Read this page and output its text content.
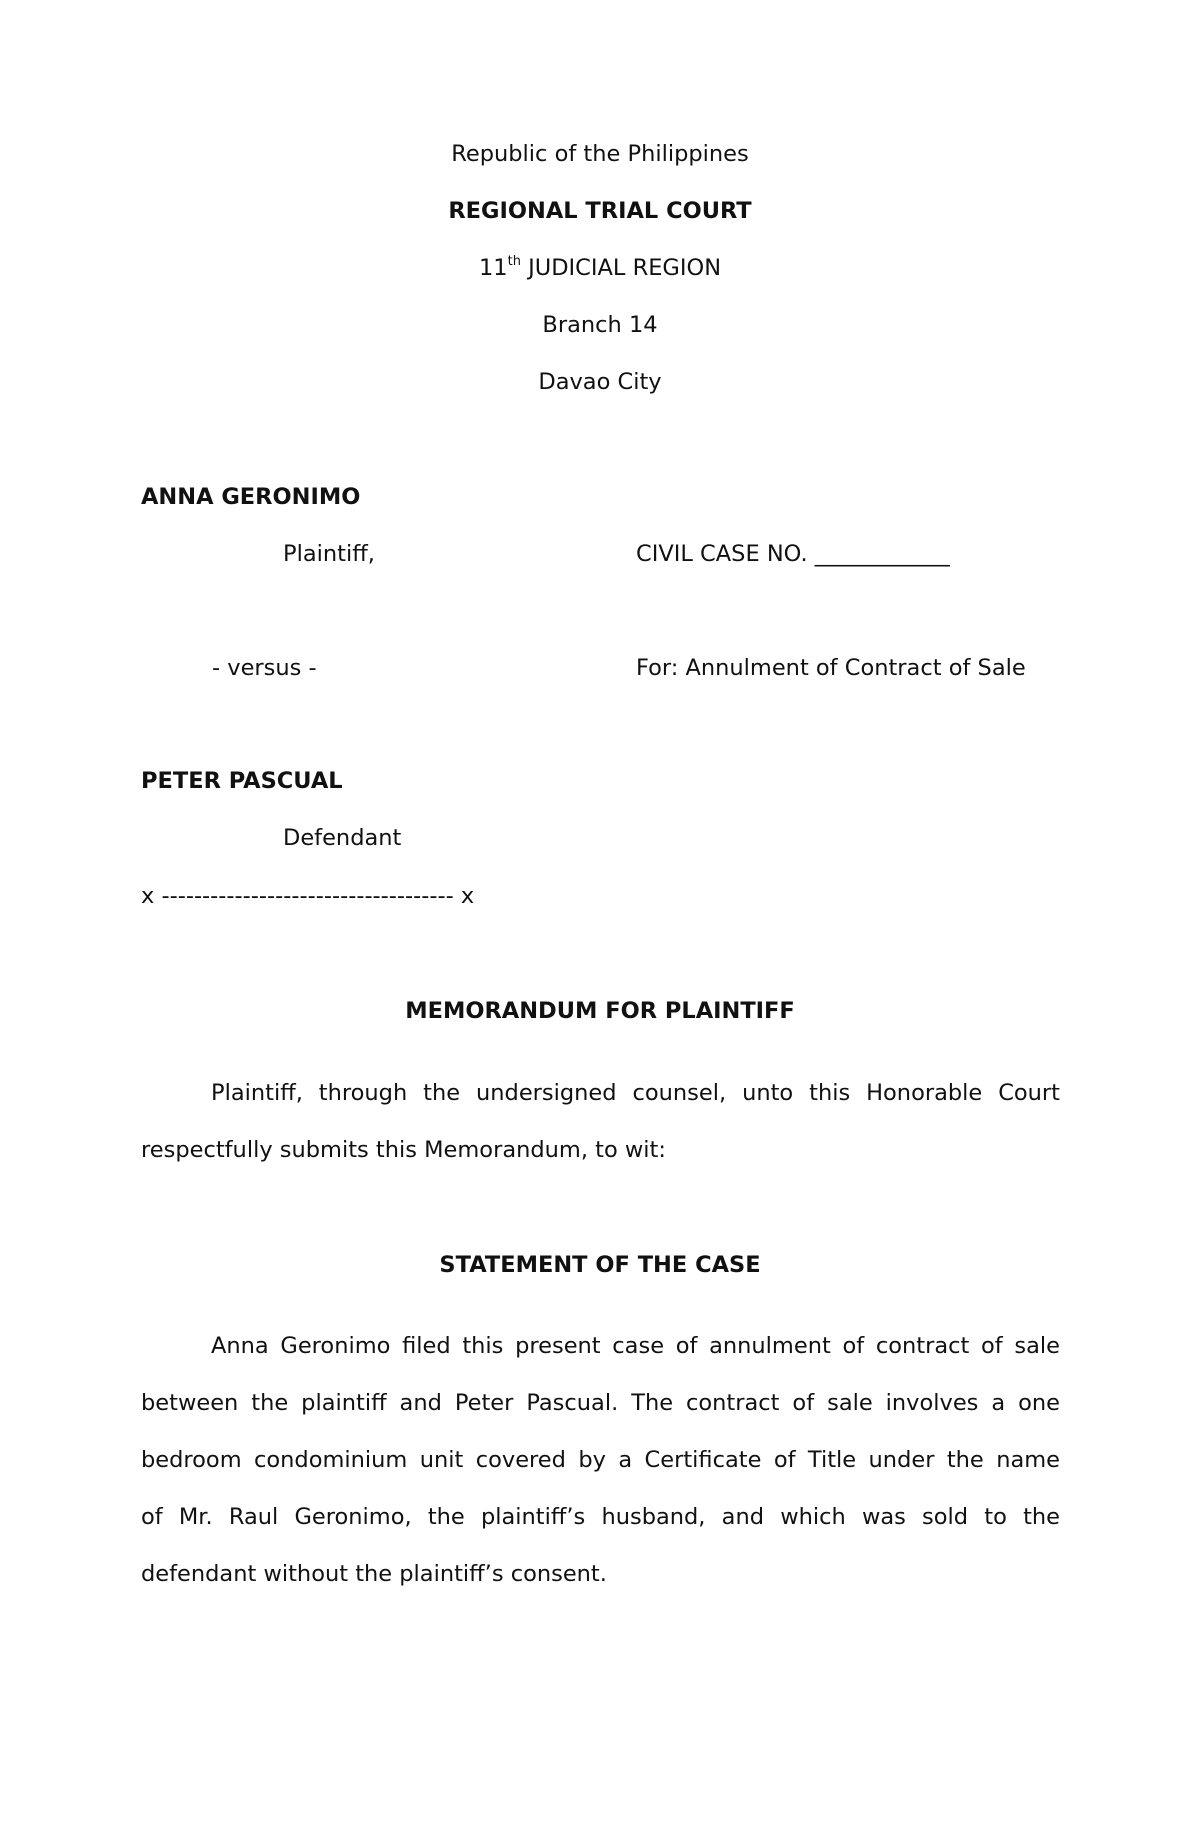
Republic of the Philippines
REGIONAL TRIAL COURT
11th JUDICIAL REGION
Branch 14
Davao City
ANNA GERONIMO
Plaintiff,	CIVIL CASE NO. ____________
- versus -	For: Annulment of Contract of Sale
PETER PASCUAL
Defendant
x ------------------------------------ x
MEMORANDUM FOR PLAINTIFF
Plaintiff, through the undersigned counsel, unto this Honorable Court
respectfully submits this Memorandum, to wit:
STATEMENT OF THE CASE
Anna Geronimo filed this present case of annulment of contract of sale
between the plaintiff and Peter Pascual. The contract of sale involves a one
bedroom condominium unit covered by a Certificate of Title under the name
of Mr. Raul Geronimo, the plaintiff’s husband, and which was sold to the
defendant without the plaintiff’s consent.
